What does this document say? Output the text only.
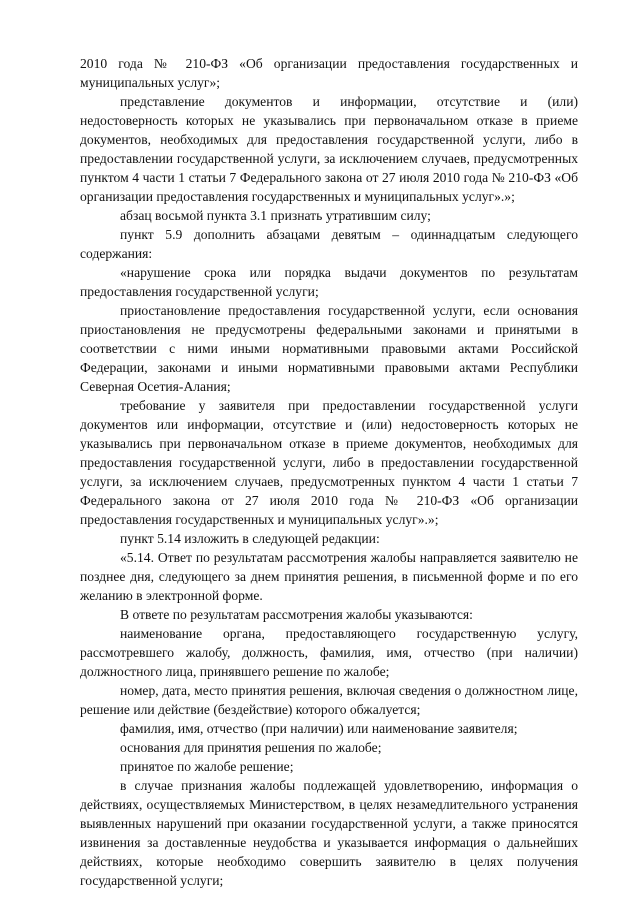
2010 года № 210-ФЗ «Об организации предоставления государственных и муниципальных услуг»;

представление документов и информации, отсутствие и (или) недостоверность которых не указывались при первоначальном отказе в приеме документов, необходимых для предоставления государственной услуги, либо в предоставлении государственной услуги, за исключением случаев, предусмотренных пунктом 4 части 1 статьи 7 Федерального закона от 27 июля 2010 года № 210-ФЗ «Об организации предоставления государственных и муниципальных услуг».»;

абзац восьмой пункта 3.1 признать утратившим силу;

пункт 5.9 дополнить абзацами девятым – одиннадцатым следующего содержания:

«нарушение срока или порядка выдачи документов по результатам предоставления государственной услуги;

приостановление предоставления государственной услуги, если основания приостановления не предусмотрены федеральными законами и принятыми в соответствии с ними иными нормативными правовыми актами Российской Федерации, законами и иными нормативными правовыми актами Республики Северная Осетия-Алания;

требование у заявителя при предоставлении государственной услуги документов или информации, отсутствие и (или) недостоверность которых не указывались при первоначальном отказе в приеме документов, необходимых для предоставления государственной услуги, либо в предоставлении государственной услуги, за исключением случаев, предусмотренных пунктом 4 части 1 статьи 7 Федерального закона от 27 июля 2010 года № 210-ФЗ «Об организации предоставления государственных и муниципальных услуг».»;

пункт 5.14 изложить в следующей редакции:

«5.14. Ответ по результатам рассмотрения жалобы направляется заявителю не позднее дня, следующего за днем принятия решения, в письменной форме и по его желанию в электронной форме.

В ответе по результатам рассмотрения жалобы указываются:

наименование органа, предоставляющего государственную услугу, рассмотревшего жалобу, должность, фамилия, имя, отчество (при наличии) должностного лица, принявшего решение по жалобе;

номер, дата, место принятия решения, включая сведения о должностном лице, решение или действие (бездействие) которого обжалуется;

фамилия, имя, отчество (при наличии) или наименование заявителя;

основания для принятия решения по жалобе;

принятое по жалобе решение;

в случае признания жалобы подлежащей удовлетворению, информация о действиях, осуществляемых Министерством, в целях незамедлительного устранения выявленных нарушений при оказании государственной услуги, а также приносятся извинения за доставленные неудобства и указывается информация о дальнейших действиях, которые необходимо совершить заявителю в целях получения государственной услуги;
